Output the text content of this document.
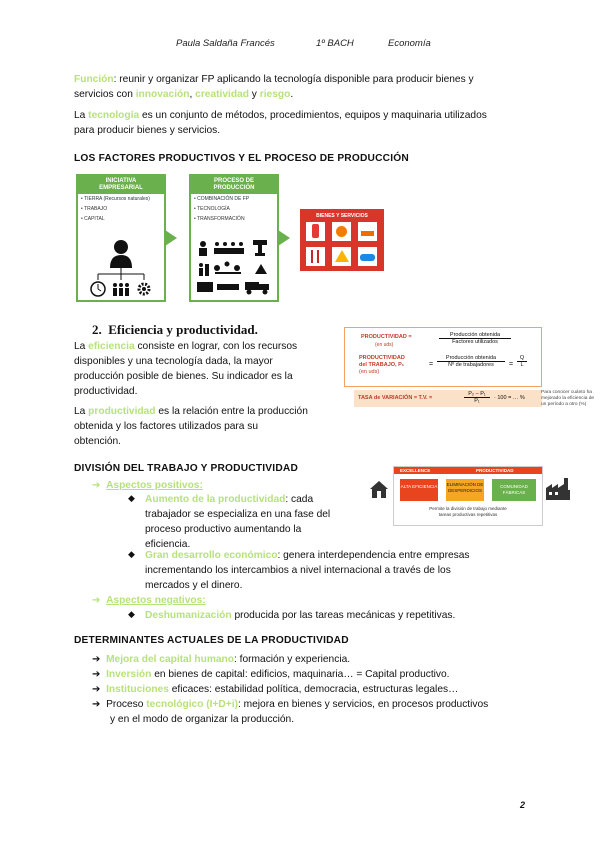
Paula Saldaña Francés	1º BACH	Economía
Función: reunir y organizar FP aplicando la tecnología disponible para producir bienes y
servicios con innovación, creatividad y riesgo.
La tecnología es un conjunto de métodos, procedimientos, equipos y maquinaria utilizados
para producir bienes y servicios.
LOS FACTORES PRODUCTIVOS Y EL PROCESO DE PRODUCCIÓN
INICIATIVA
EMPRESARIAL
• TIERRA (Recursos naturales)
• TRABAJO
• CAPITAL
PROCESO DE
PRODUCCIÓN
• COMBINACIÓN DE FP
• TECNOLOGÍA
• TRANSFORMACIÓN	BIENES Y SERVICIOS
2. Eficiencia y productividad.
La eficiencia consiste en lograr, con los recursos
disponibles y una tecnología dada, la mayor
producción posible de bienes. Su indicador es la
productividad.
La productividad es la relación entre la producción
obtenida y los factores utilizados para su
obtención.
PRODUCTIVIDAD =
(en uds)
Producción obtenida
Factores utilizados
PRODUCTIVIDAD
del TRABAJO, P₁
(en uds)
=
Producción obtenida
Nº de trabajadores	=
Q
L
TASA de VARIACIÓN = T.V. =	$\frac{\text{P₂ − P₁}}{\text{P₁}} \cdot 100$ = … %
Para conocer cuánto ha mejorado la eficiencia de un período a otro (%)
DIVISIÓN DEL TRABAJO Y PRODUCTIVIDAD
➔ Aspectos positivos:
◆ Aumento de la productividad: cada
trabajador se especializa en una fase del
proceso productivo aumentando la
eficiencia.
◆ Gran desarrollo económico: genera interdependencia entre empresas
incrementando los intercambios a nivel internacional a través de los
mercados y el dinero.
➔ Aspectos negativos:
◆ Deshumanización producida por las tareas mecánicas y repetitivas.
EXCELLENCE	PRODUCTIVIDAD
ALTA EFICIENCIA ELIMINACIÓN DE DESPERDICIOS
COMUNIDAD FÁBRICAS
Permite la división de trabajo mediante
tareas productivas repetitivas
DETERMINANTES ACTUALES DE LA PRODUCTIVIDAD
➔ Mejora del capital humano: formación y experiencia.
➔ Inversión en bienes de capital: edificios, maquinaria… = Capital productivo.
➔ Instituciones eficaces: estabilidad política, democracia, estructuras legales…
➔ Proceso tecnológico (I+D+i): mejora en bienes y servicios, en procesos productivos
y en el modo de organizar la producción.
2
